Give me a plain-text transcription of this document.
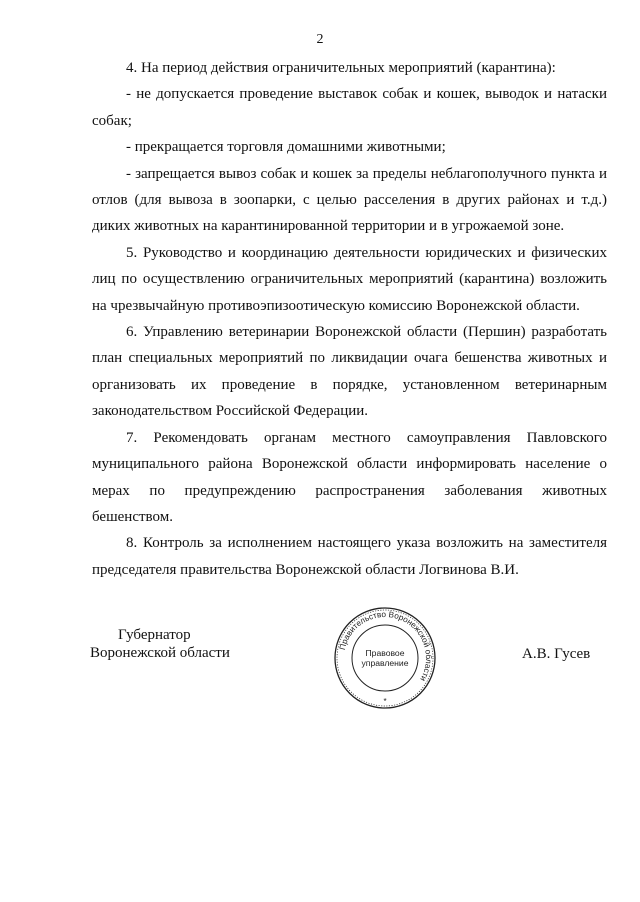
2

4. На период действия ограничительных мероприятий (карантина):

- не допускается проведение выставок собак и кошек, выводок и натаски собак;

- прекращается торговля домашними животными;

- запрещается вывоз собак и кошек за пределы неблагополучного пункта и отлов (для вывоза в зоопарки, с целью расселения в других районах и т.д.) диких животных на карантинированной территории и в угрожаемой зоне.

5. Руководство и координацию деятельности юридических и физических лиц по осуществлению ограничительных мероприятий (карантина) возложить на чрезвычайную противоэпизоотическую комиссию Воронежской области.

6. Управлению ветеринарии Воронежской области (Першин) разработать план специальных мероприятий по ликвидации очага бешенства животных и организовать их проведение в порядке, установленном ветеринарным законодательством Российской Федерации.

7. Рекомендовать органам местного самоуправления Павловского муниципального района Воронежской области информировать население о мерах по предупреждению распространения заболевания животных бешенством.

8. Контроль за исполнением настоящего указа возложить на заместителя председателя правительства Воронежской области Логвинова В.И.

Губернатор
Воронежской области	А.В. Гусев
Правительство Воронежской области
Правовое
управление
*
